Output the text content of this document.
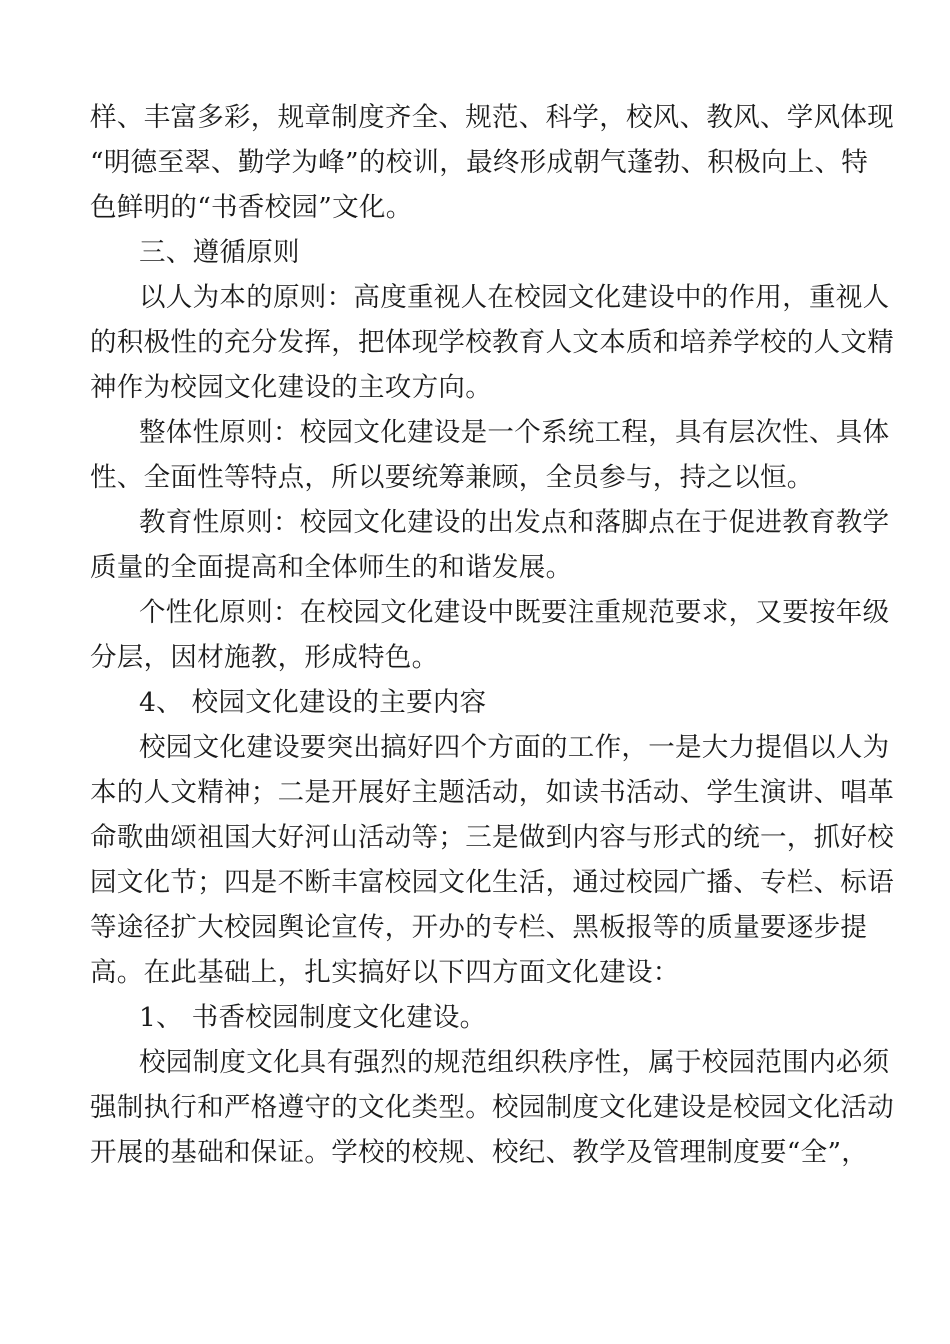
样、丰富多彩，规章制度齐全、规范、科学，校风、教风、学风体现
“明德至翠、勤学为峰”的校训，最终形成朝气蓬勃、积极向上、特
色鲜明的“书香校园”文化。
三、遵循原则
以人为本的原则：高度重视人在校园文化建设中的作用，重视人
的积极性的充分发挥，把体现学校教育人文本质和培养学校的人文精
神作为校园文化建设的主攻方向。
整体性原则：校园文化建设是一个系统工程，具有层次性、具体
性、全面性等特点，所以要统筹兼顾，全员参与，持之以恒。
教育性原则：校园文化建设的出发点和落脚点在于促进教育教学
质量的全面提高和全体师生的和谐发展。
个性化原则：在校园文化建设中既要注重规范要求，又要按年级
分层，因材施教，形成特色。
4、 校园文化建设的主要内容
校园文化建设要突出搞好四个方面的工作，一是大力提倡以人为
本的人文精神；二是开展好主题活动，如读书活动、学生演讲、唱革
命歌曲颂祖国大好河山活动等；三是做到内容与形式的统一，抓好校
园文化节；四是不断丰富校园文化生活，通过校园广播、专栏、标语
等途径扩大校园舆论宣传，开办的专栏、黑板报等的质量要逐步提
高。在此基础上，扎实搞好以下四方面文化建设：
1、 书香校园制度文化建设。
校园制度文化具有强烈的规范组织秩序性，属于校园范围内必须
强制执行和严格遵守的文化类型。校园制度文化建设是校园文化活动
开展的基础和保证。学校的校规、校纪、教学及管理制度要“全”，
